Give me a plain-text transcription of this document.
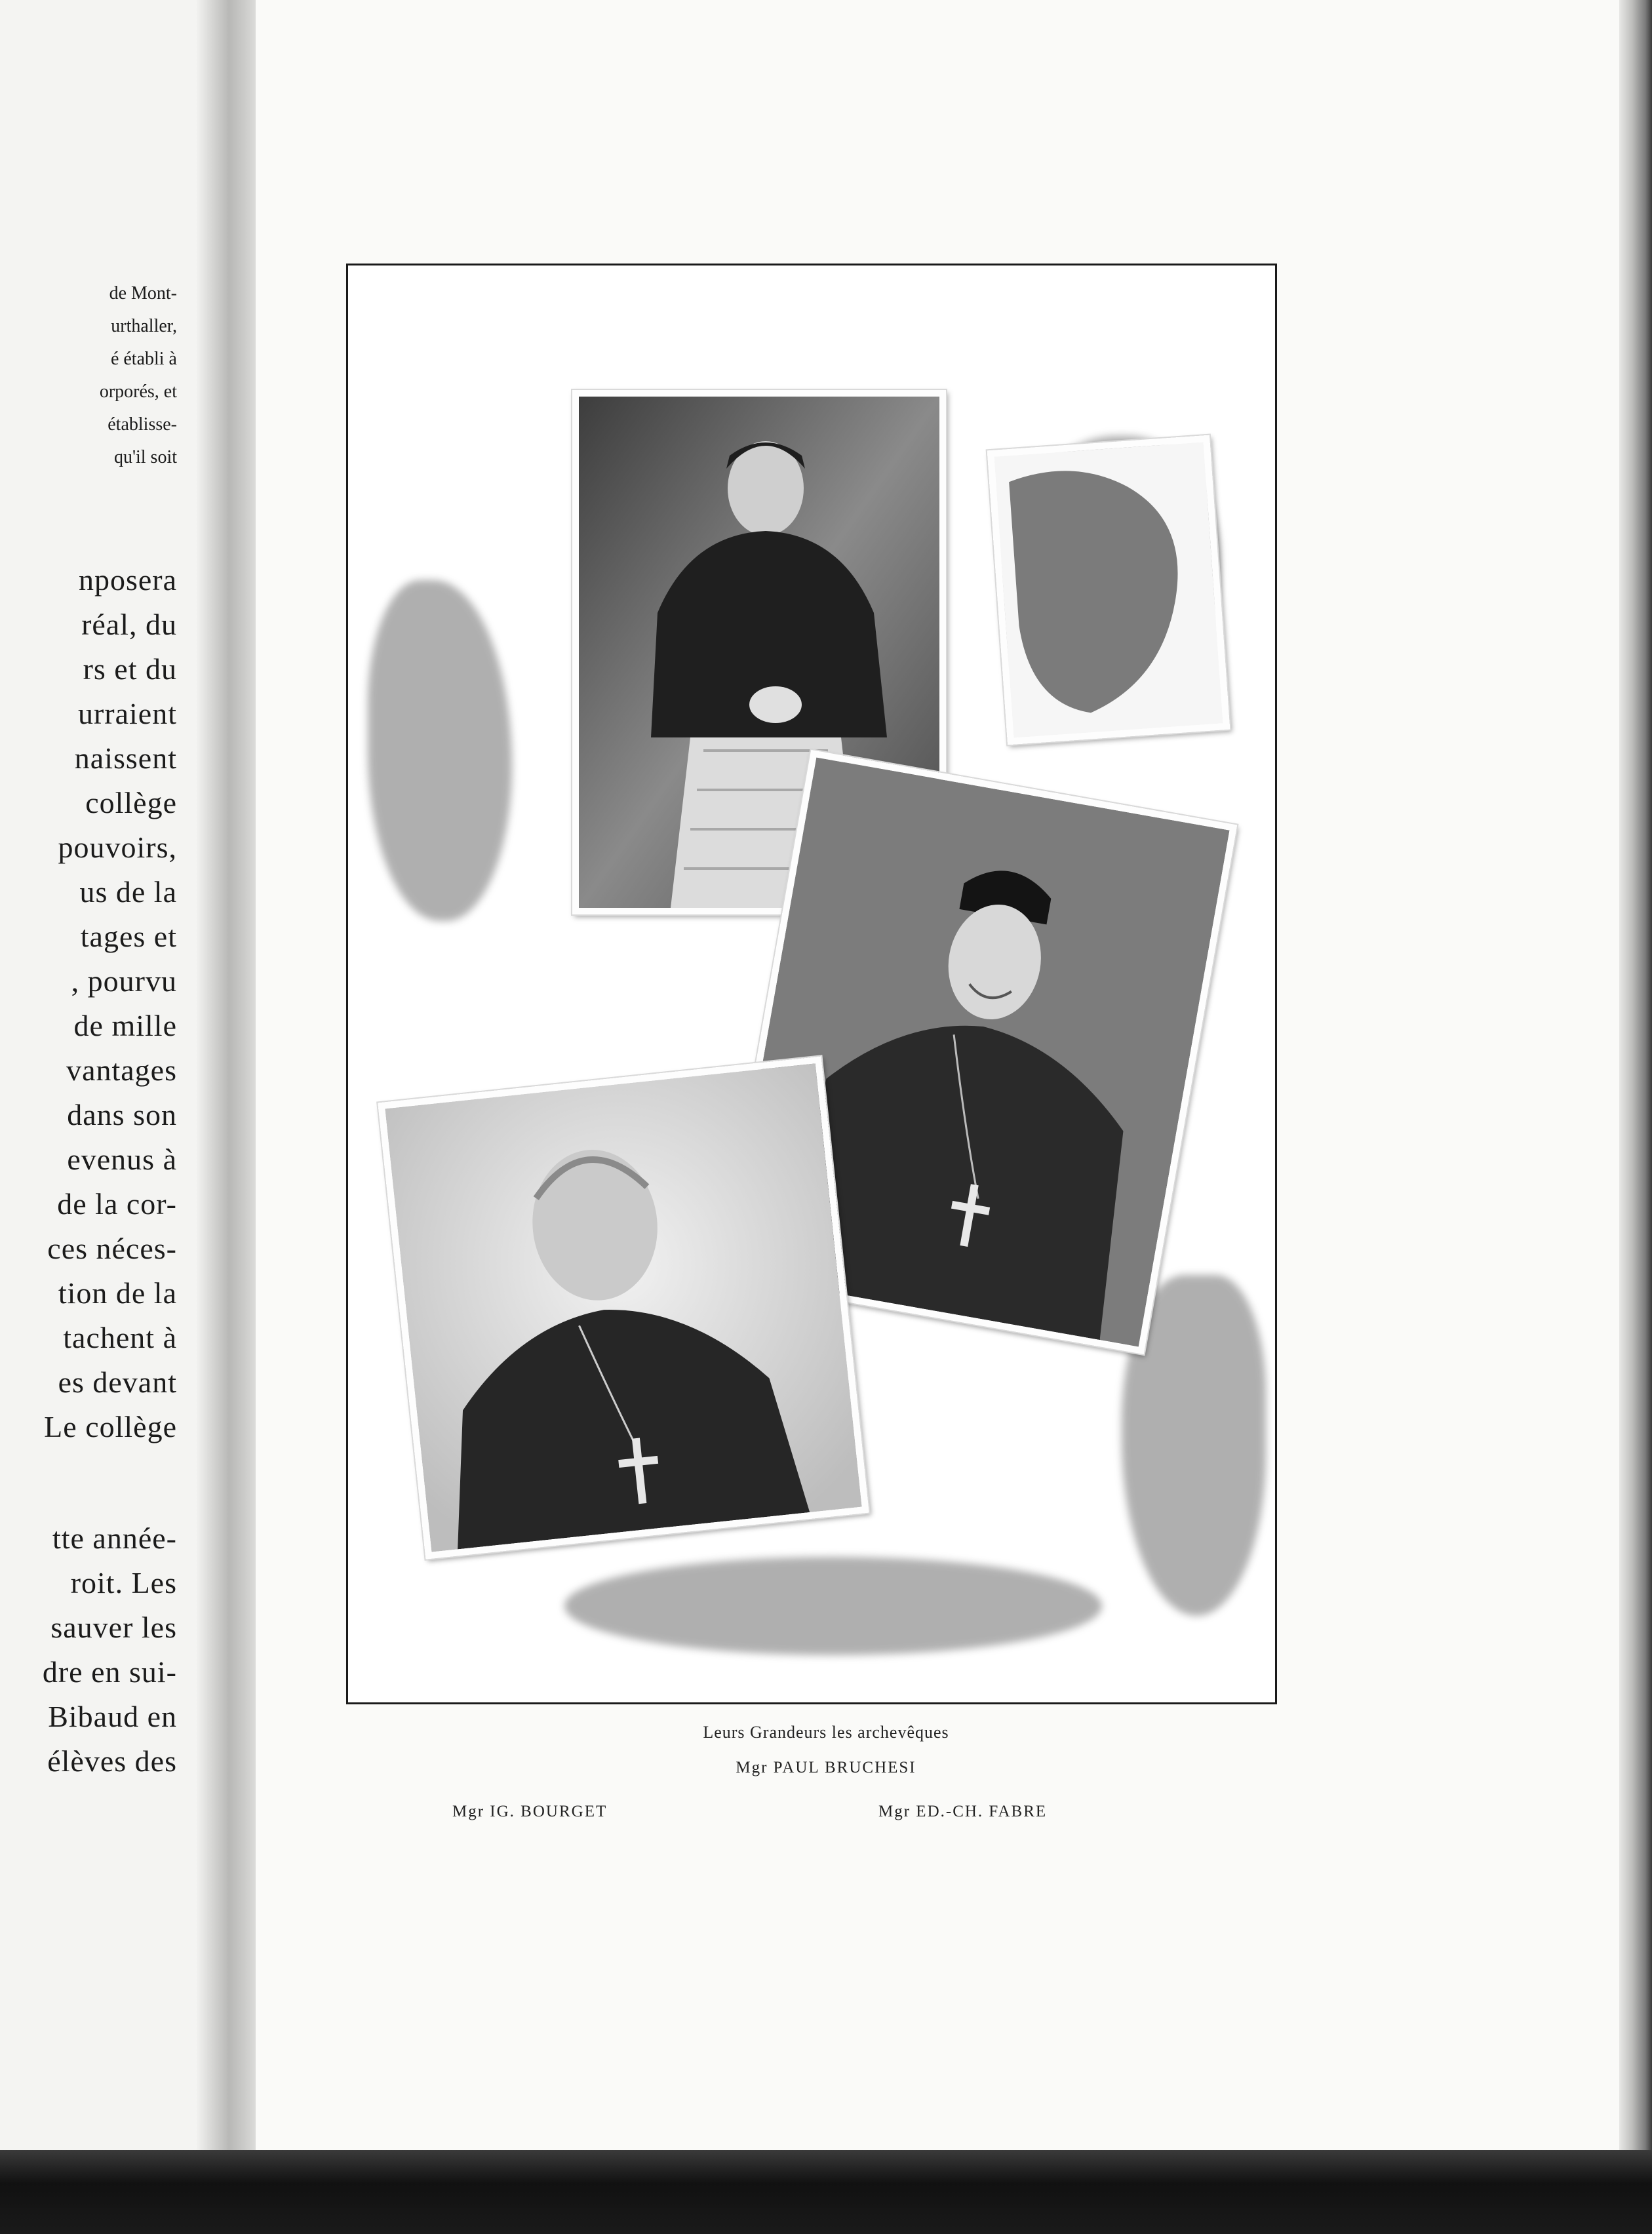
de Mont-
urthaller,
é établi à
orporés, et
établisse-
qu'il soit
nposera
réal, du
rs et du
urraient
naissent
collège
pouvoirs,
us de la
tages et
, pourvu
de mille
vantages
dans son
evenus à
de la cor-
ces néces-
tion de la
tachent à
es devant
Le collège
tte année-
roit. Les
sauver les
dre en sui-
Bibaud en
élèves des
Leurs Grandeurs les archevêques
Mgr PAUL BRUCHESI
Mgr IG. BOURGET	Mgr ED.-CH. FABRE
